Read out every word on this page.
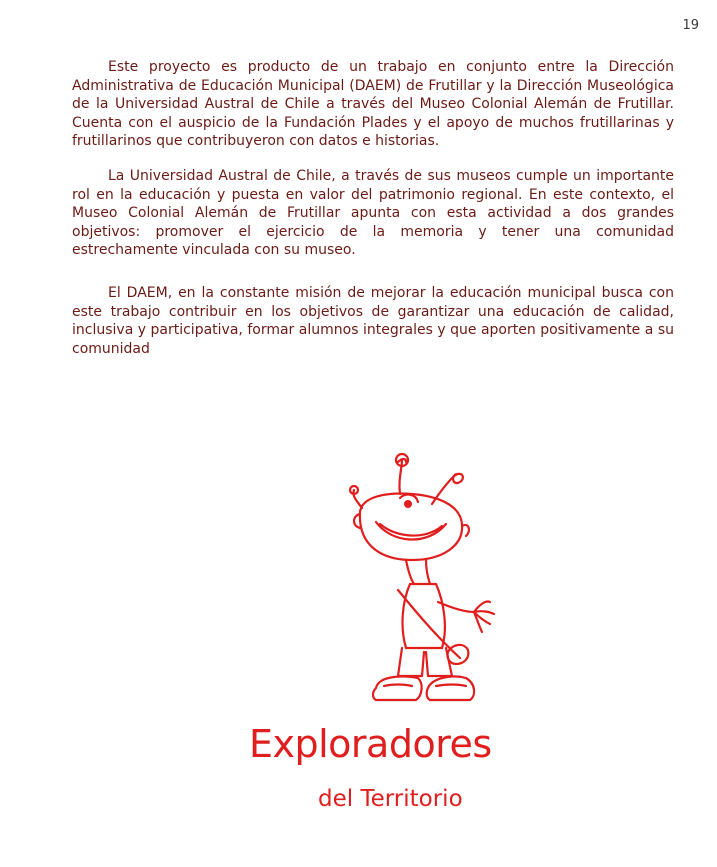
19

Este proyecto es producto de un trabajo en conjunto entre la Dirección Administrativa de Educación Municipal (DAEM) de Frutillar y la Dirección Museológica de la Universidad Austral de Chile a través del Museo Colonial Alemán de Frutillar. Cuenta con el auspicio de la Fundación Plades y el apoyo de muchos frutillarinas y frutillarinos que contribuyeron con datos e historias.

La Universidad Austral de Chile, a través de sus museos cumple un importante rol en la educación y puesta en valor del patrimonio regional. En este contexto, el Museo Colonial Alemán de Frutillar apunta con esta actividad a dos grandes objetivos: promover el ejercicio de la memoria y tener una comunidad estrechamente vinculada con su museo.

El DAEM, en la constante misión de mejorar la educación municipal busca con este trabajo contribuir en los objetivos de garantizar una educación de calidad, inclusiva y participativa, formar alumnos integrales y que aporten positivamente a su comunidad

Exploradores
del Territorio
